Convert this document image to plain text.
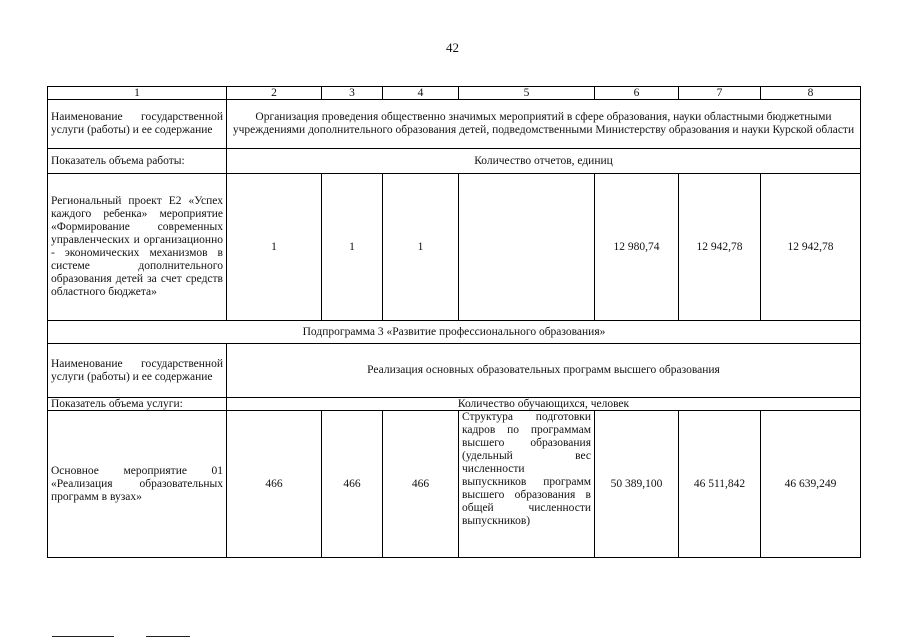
42
1	2	3	4	5	6	7	8
Наименование государственной услуги (работы) и ее содержание	Организация проведения общественно значимых мероприятий в сфере образования, науки областными бюджетными учреждениями дополнительного образования детей, подведомственными Министерству образования и науки Курской области						
Показатель объема работы:	Количество отчетов, единиц						
Региональный проект Е2 «Успех каждого ребенка» мероприятие «Формирование современных управленческих и организационно - экономических механизмов в системе дополнительного образования детей за счет средств областного бюджета»	1	1	1		12 980,74	12 942,78	12 942,78
Подпрограмма 3 «Развитие профессионального образования»							
Наименование государственной услуги (работы) и ее содержание	Реализация основных образовательных программ высшего образования						
Показатель объема услуги:	Количество обучающихся, человек						
Основное мероприятие 01 «Реализация образовательных программ в вузах»	466	466	466	Структура подготовки кадров по программам высшего образования (удельный вес численности выпускников программ высшего образования в общей численности выпускников)	50 389,100	46 511,842	46 639,249
